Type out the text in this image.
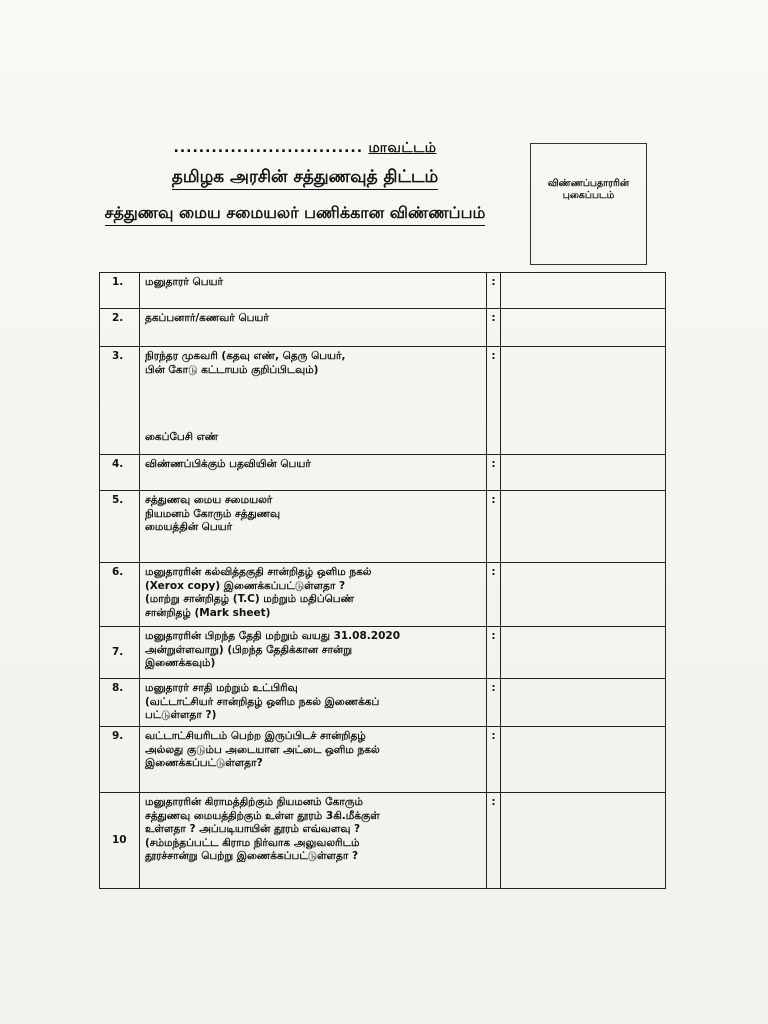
.............................. மாவட்டம்
தமிழக அரசின் சத்துணவுத் திட்டம்
சத்துணவு மைய சமையலர் பணிக்கான விண்ணப்பம்
விண்ணப்பதாரரின்
புகைப்படம்
1.	மனுதாரர் பெயர்	:	
2.	தகப்பனார்/கணவர் பெயர்	:	
3.	நிரந்தர முகவரி (கதவு எண், தெரு பெயர்,
பின் கோடு கட்டாயம் குறிப்பிடவும்)
கைப்பேசி எண்	:	
4.	விண்ணப்பிக்கும் பதவியின் பெயர்	:	
5.	சத்துணவு மைய சமையலர்
நியமனம் கோரும் சத்துணவு
மையத்தின் பெயர்	:	
6.	மனுதாரரின் கல்வித்தகுதி சான்றிதழ் ஒளிம நகல்
(Xerox copy) இணைக்கப்பட்டுள்ளதா ?
(மாற்று சான்றிதழ் (T.C) மற்றும் மதிப்பெண்
சான்றிதழ் (Mark sheet)	:	
7.	மனுதாரரின் பிறந்த தேதி மற்றும் வயது 31.08.2020
அன்றுள்ளவாறு) (பிறந்த தேதிக்கான சான்று
இணைக்கவும்)	:	
8.	மனுதாரர் சாதி மற்றும் உட்பிரிவு
(வட்டாட்சியர் சான்றிதழ் ஒளிம நகல் இணைக்கப்
பட்டுள்ளதா ?)	:	
9.	வட்டாட்சியரிடம் பெற்ற இருப்பிடச் சான்றிதழ்
அல்லது குடும்ப அடையாள அட்டை ஒளிம நகல்
இணைக்கப்பட்டுள்ளதா?	:	
10	மனுதாரரின் கிராமத்திற்கும் நியமனம் கோரும்
சத்துணவு மையத்திற்கும் உள்ள தூரம் 3கி.மீக்குள்
உள்ளதா ? அப்படியாயின் தூரம் எவ்வளவு ?
(சம்மந்தப்பட்ட கிராம நிர்வாக அலுவலரிடம்
தூரச்சான்று பெற்று இணைக்கப்பட்டுள்ளதா ?	:	
